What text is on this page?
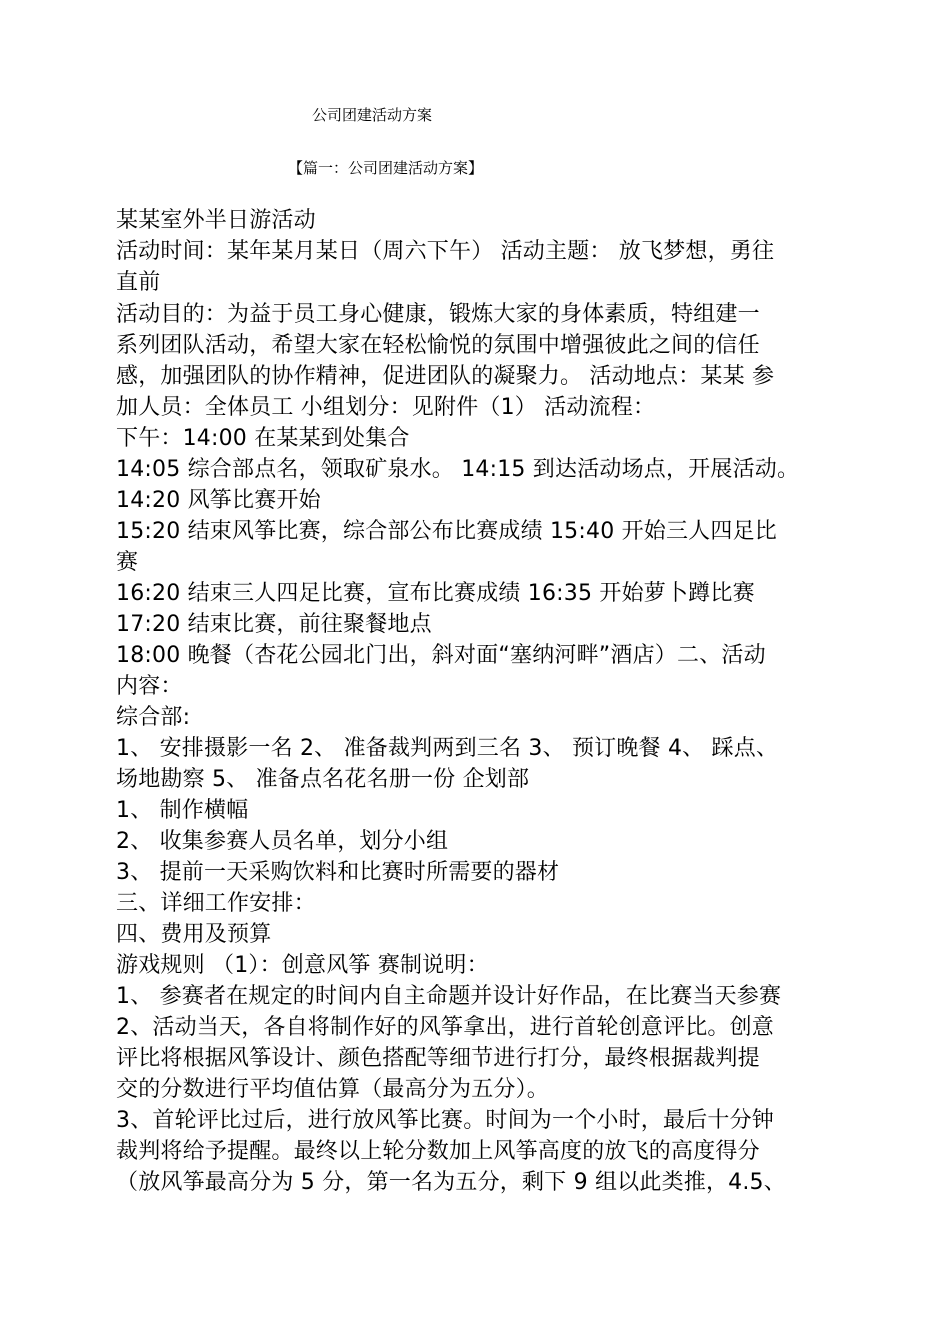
公司团建活动方案
【篇一：公司团建活动方案】
某某室外半日游活动
活动时间：某年某月某日（周六下午） 活动主题： 放飞梦想，勇往
直前
活动目的：为益于员工身心健康，锻炼大家的身体素质，特组建一
系列团队活动，希望大家在轻松愉悦的氛围中增强彼此之间的信任
感，加强团队的协作精神，促进团队的凝聚力。 活动地点：某某 参
加人员：全体员工 小组划分：见附件（1） 活动流程：
下午：14:00 在某某到处集合
14:05 综合部点名，领取矿泉水。 14:15 到达活动场点，开展活动。
14:20 风筝比赛开始
15:20 结束风筝比赛，综合部公布比赛成绩 15:40 开始三人四足比
赛
16:20 结束三人四足比赛，宣布比赛成绩 16:35 开始萝卜蹲比赛
17:20 结束比赛，前往聚餐地点
18:00 晚餐（杏花公园北门出，斜对面“塞纳河畔”酒店）二、活动
内容：
综合部:
1、 安排摄影一名 2、 准备裁判两到三名 3、 预订晚餐 4、 踩点、
场地勘察 5、 准备点名花名册一份 企划部
1、 制作横幅
2、 收集参赛人员名单，划分小组
3、 提前一天采购饮料和比赛时所需要的器材
三、详细工作安排：
四、费用及预算
游戏规则 （1）：创意风筝 赛制说明：
1、 参赛者在规定的时间内自主命题并设计好作品，在比赛当天参赛
2、活动当天，各自将制作好的风筝拿出，进行首轮创意评比。创意
评比将根据风筝设计、颜色搭配等细节进行打分，最终根据裁判提
交的分数进行平均值估算（最高分为五分）。
3、首轮评比过后，进行放风筝比赛。时间为一个小时，最后十分钟
裁判将给予提醒。最终以上轮分数加上风筝高度的放飞的高度得分
（放风筝最高分为 5 分，第一名为五分，剩下 9 组以此类推，4.5、
